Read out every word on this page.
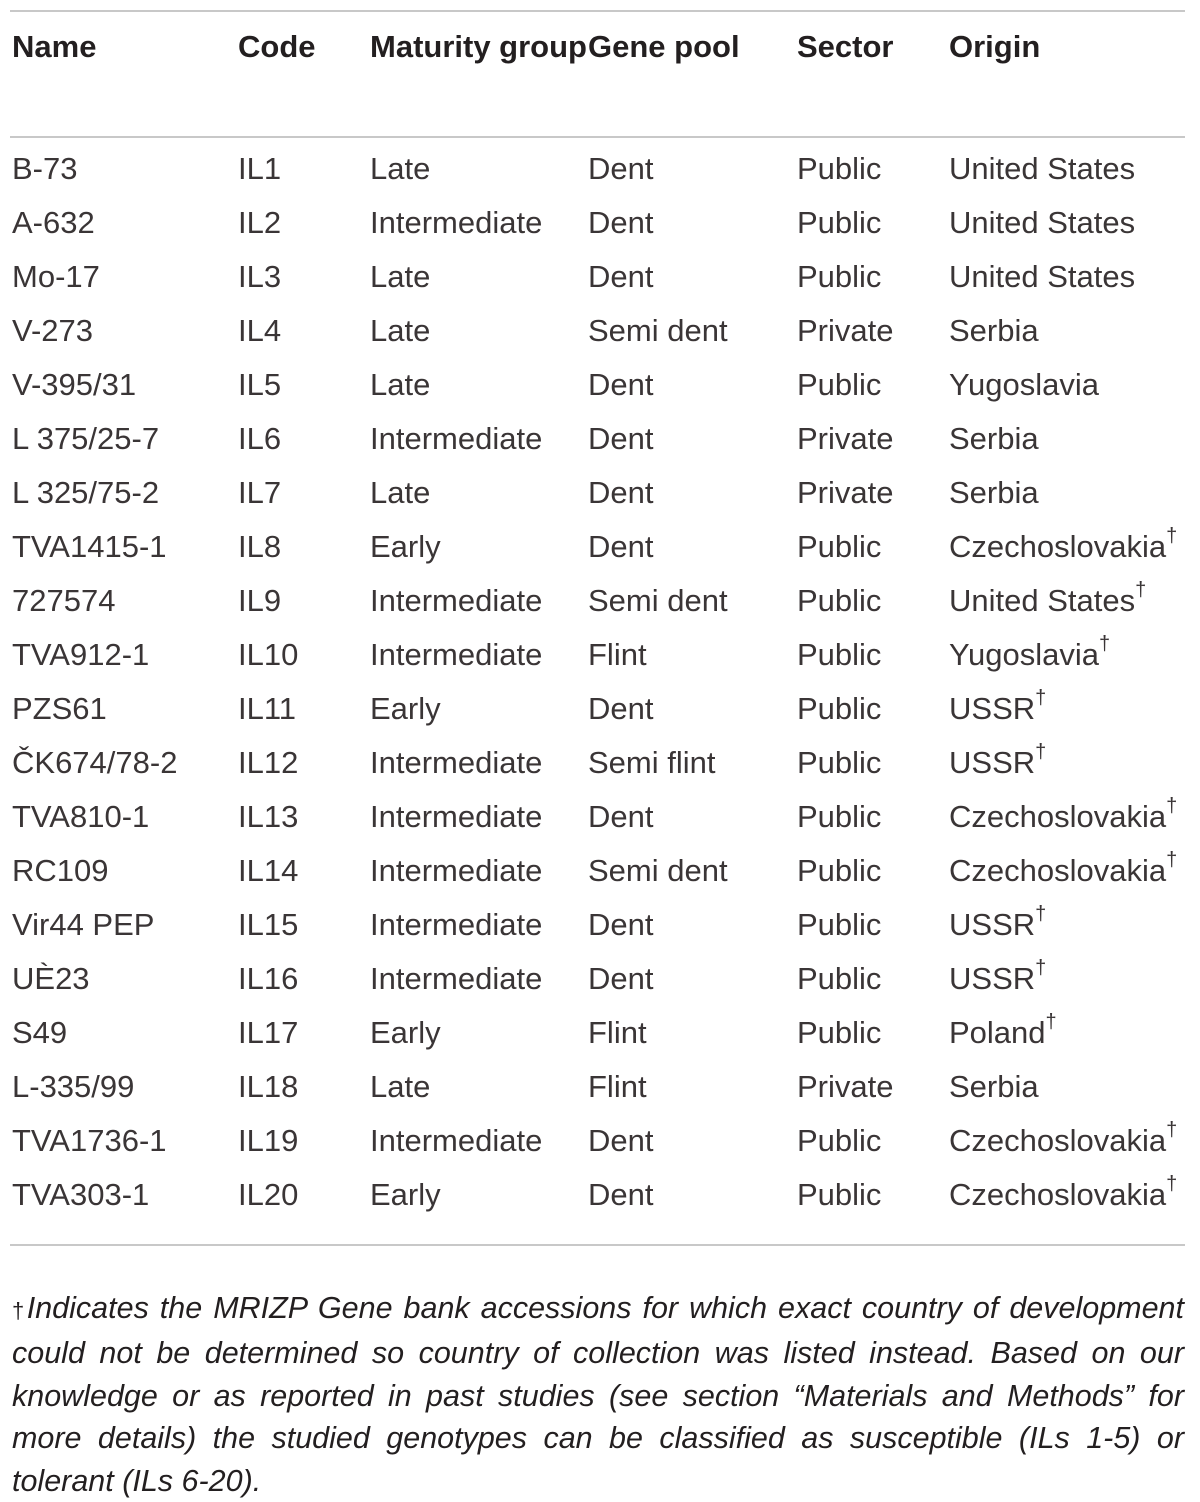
Name	Code	Maturity group	Gene pool	Sector	Origin
B-73	IL1	Late	Dent	Public	United States
A-632	IL2	Intermediate	Dent	Public	United States
Mo-17	IL3	Late	Dent	Public	United States
V-273	IL4	Late	Semi dent	Private	Serbia
V-395/31	IL5	Late	Dent	Public	Yugoslavia
L 375/25-7	IL6	Intermediate	Dent	Private	Serbia
L 325/75-2	IL7	Late	Dent	Private	Serbia
TVA1415-1	IL8	Early	Dent	Public	Czechoslovakia†
727574	IL9	Intermediate	Semi dent	Public	United States†
TVA912-1	IL10	Intermediate	Flint	Public	Yugoslavia†
PZS61	IL11	Early	Dent	Public	USSR†
ČK674/78-2	IL12	Intermediate	Semi flint	Public	USSR†
TVA810-1	IL13	Intermediate	Dent	Public	Czechoslovakia†
RC109	IL14	Intermediate	Semi dent	Public	Czechoslovakia†
Vir44 PEP	IL15	Intermediate	Dent	Public	USSR†
UÈ23	IL16	Intermediate	Dent	Public	USSR†
S49	IL17	Early	Flint	Public	Poland†
L-335/99	IL18	Late	Flint	Private	Serbia
TVA1736-1	IL19	Intermediate	Dent	Public	Czechoslovakia†
TVA303-1	IL20	Early	Dent	Public	Czechoslovakia†

†Indicates the MRIZP Gene bank accessions for which exact country of development could not be determined so country of collection was listed instead. Based on our knowledge or as reported in past studies (see section “Materials and Methods” for more details) the studied genotypes can be classified as susceptible (ILs 1-5) or tolerant (ILs 6-20).
